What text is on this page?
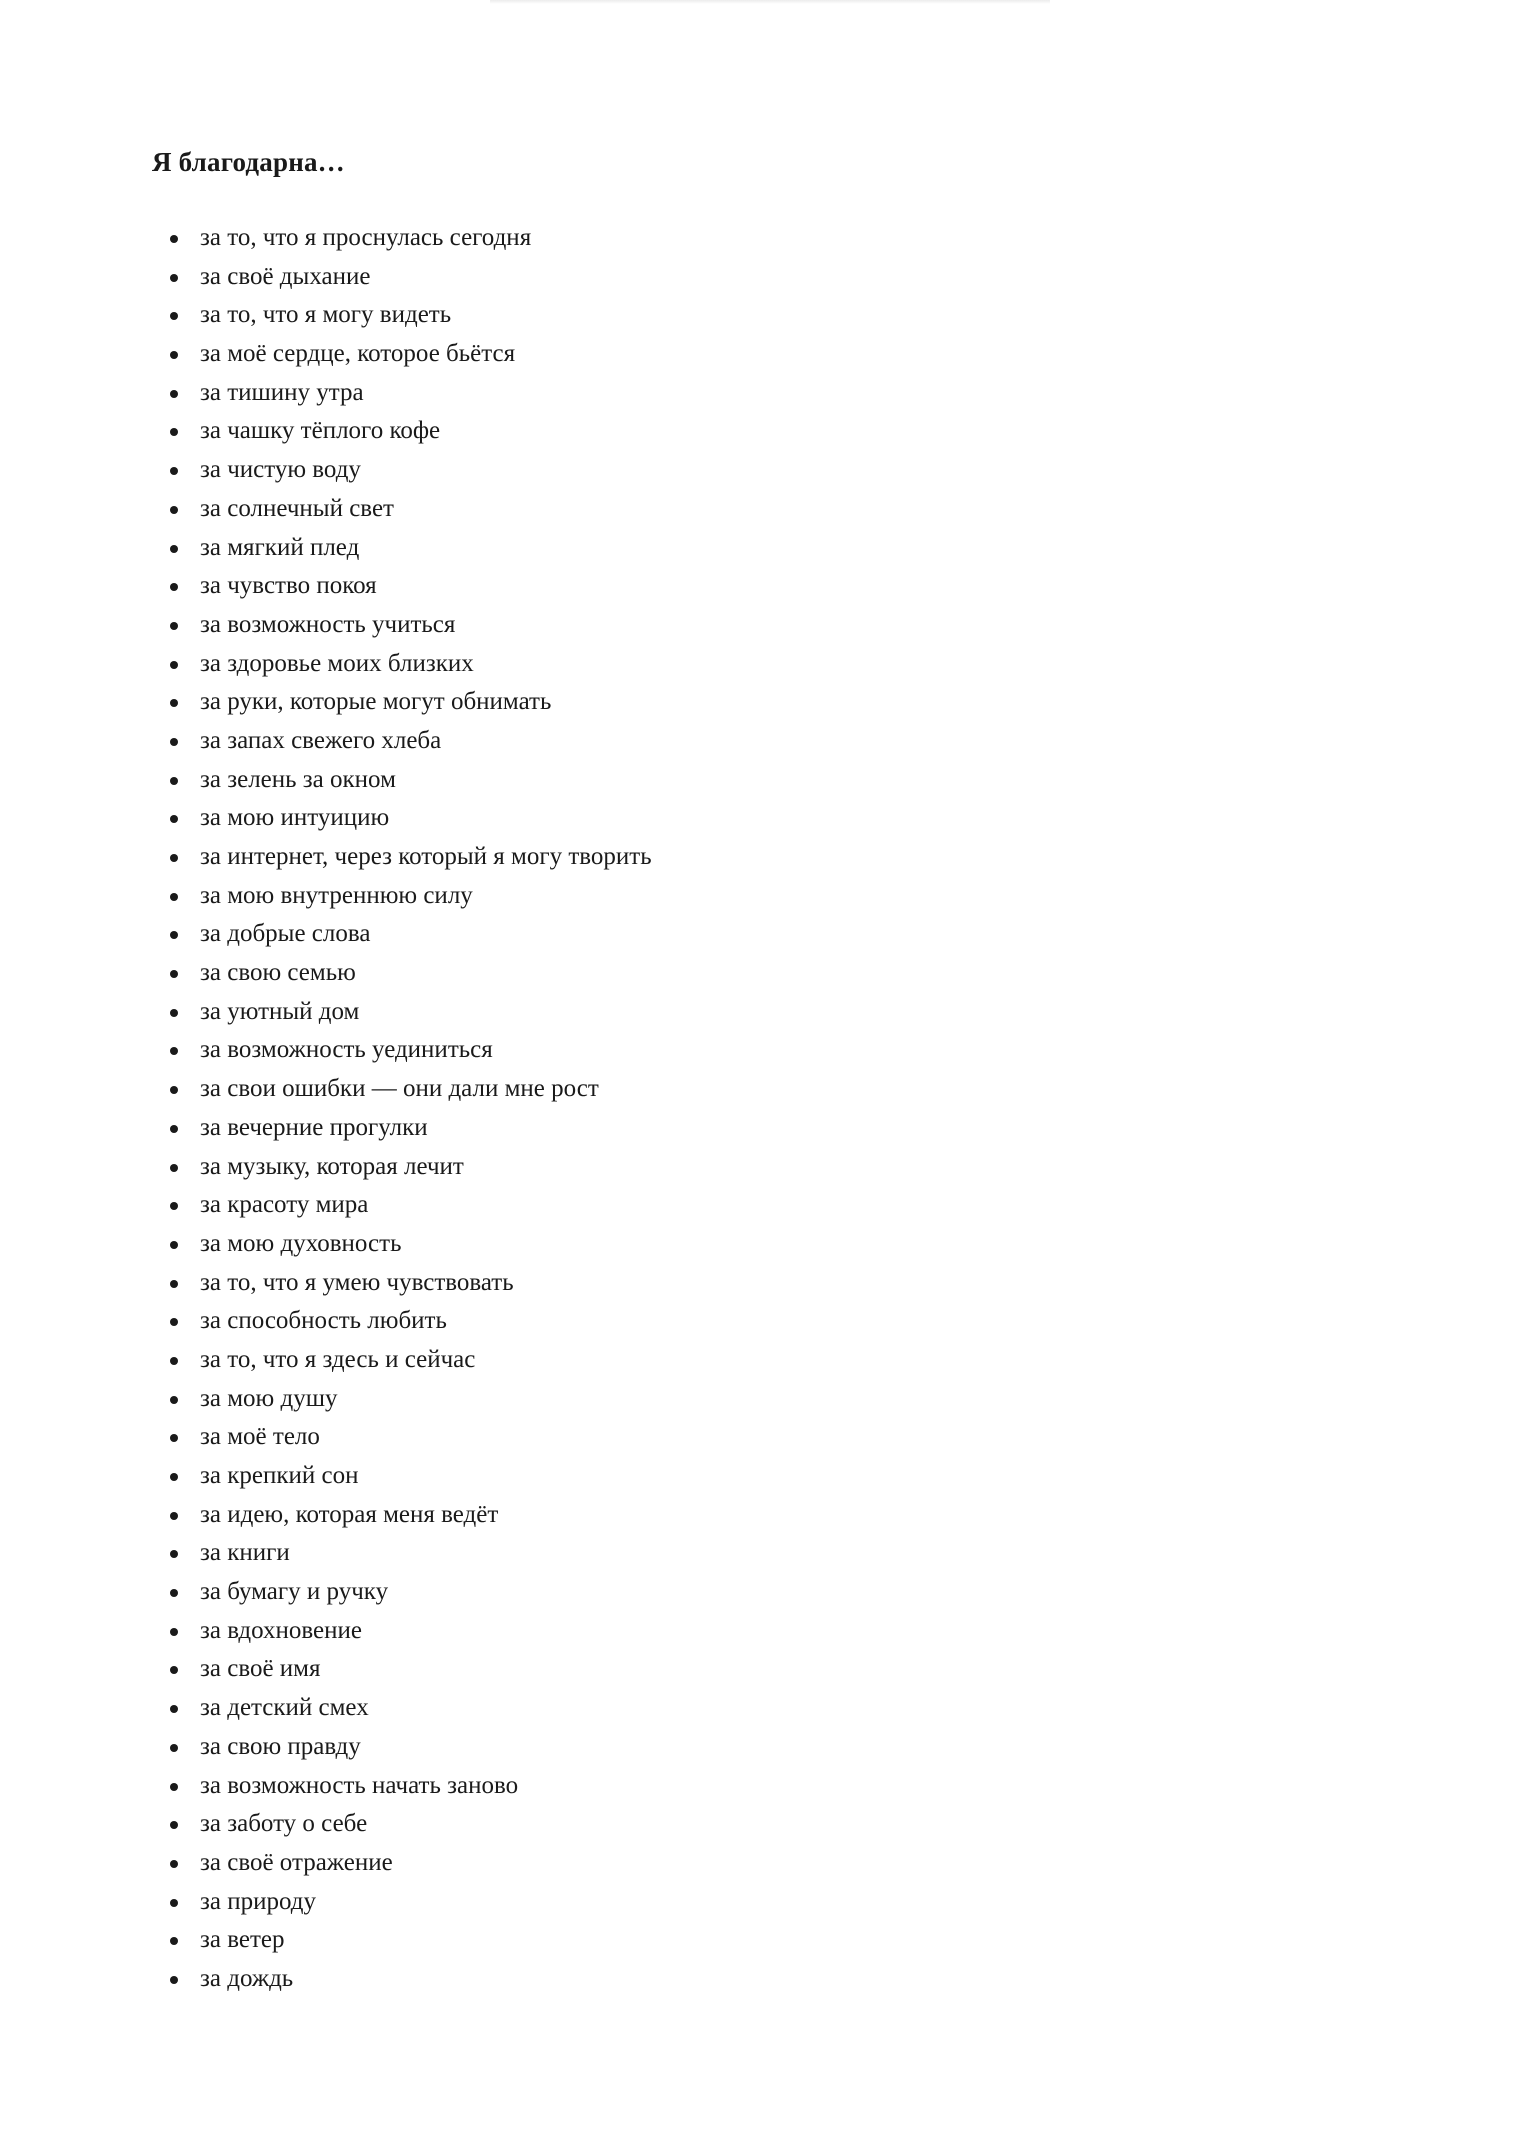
Я благодарна…
за то, что я проснулась сегодня
за своё дыхание
за то, что я могу видеть
за моё сердце, которое бьётся
за тишину утра
за чашку тёплого кофе
за чистую воду
за солнечный свет
за мягкий плед
за чувство покоя
за возможность учиться
за здоровье моих близких
за руки, которые могут обнимать
за запах свежего хлеба
за зелень за окном
за мою интуицию
за интернет, через который я могу творить
за мою внутреннюю силу
за добрые слова
за свою семью
за уютный дом
за возможность уединиться
за свои ошибки — они дали мне рост
за вечерние прогулки
за музыку, которая лечит
за красоту мира
за мою духовность
за то, что я умею чувствовать
за способность любить
за то, что я здесь и сейчас
за мою душу
за моё тело
за крепкий сон
за идею, которая меня ведёт
за книги
за бумагу и ручку
за вдохновение
за своё имя
за детский смех
за свою правду
за возможность начать заново
за заботу о себе
за своё отражение
за природу
за ветер
за дождь
